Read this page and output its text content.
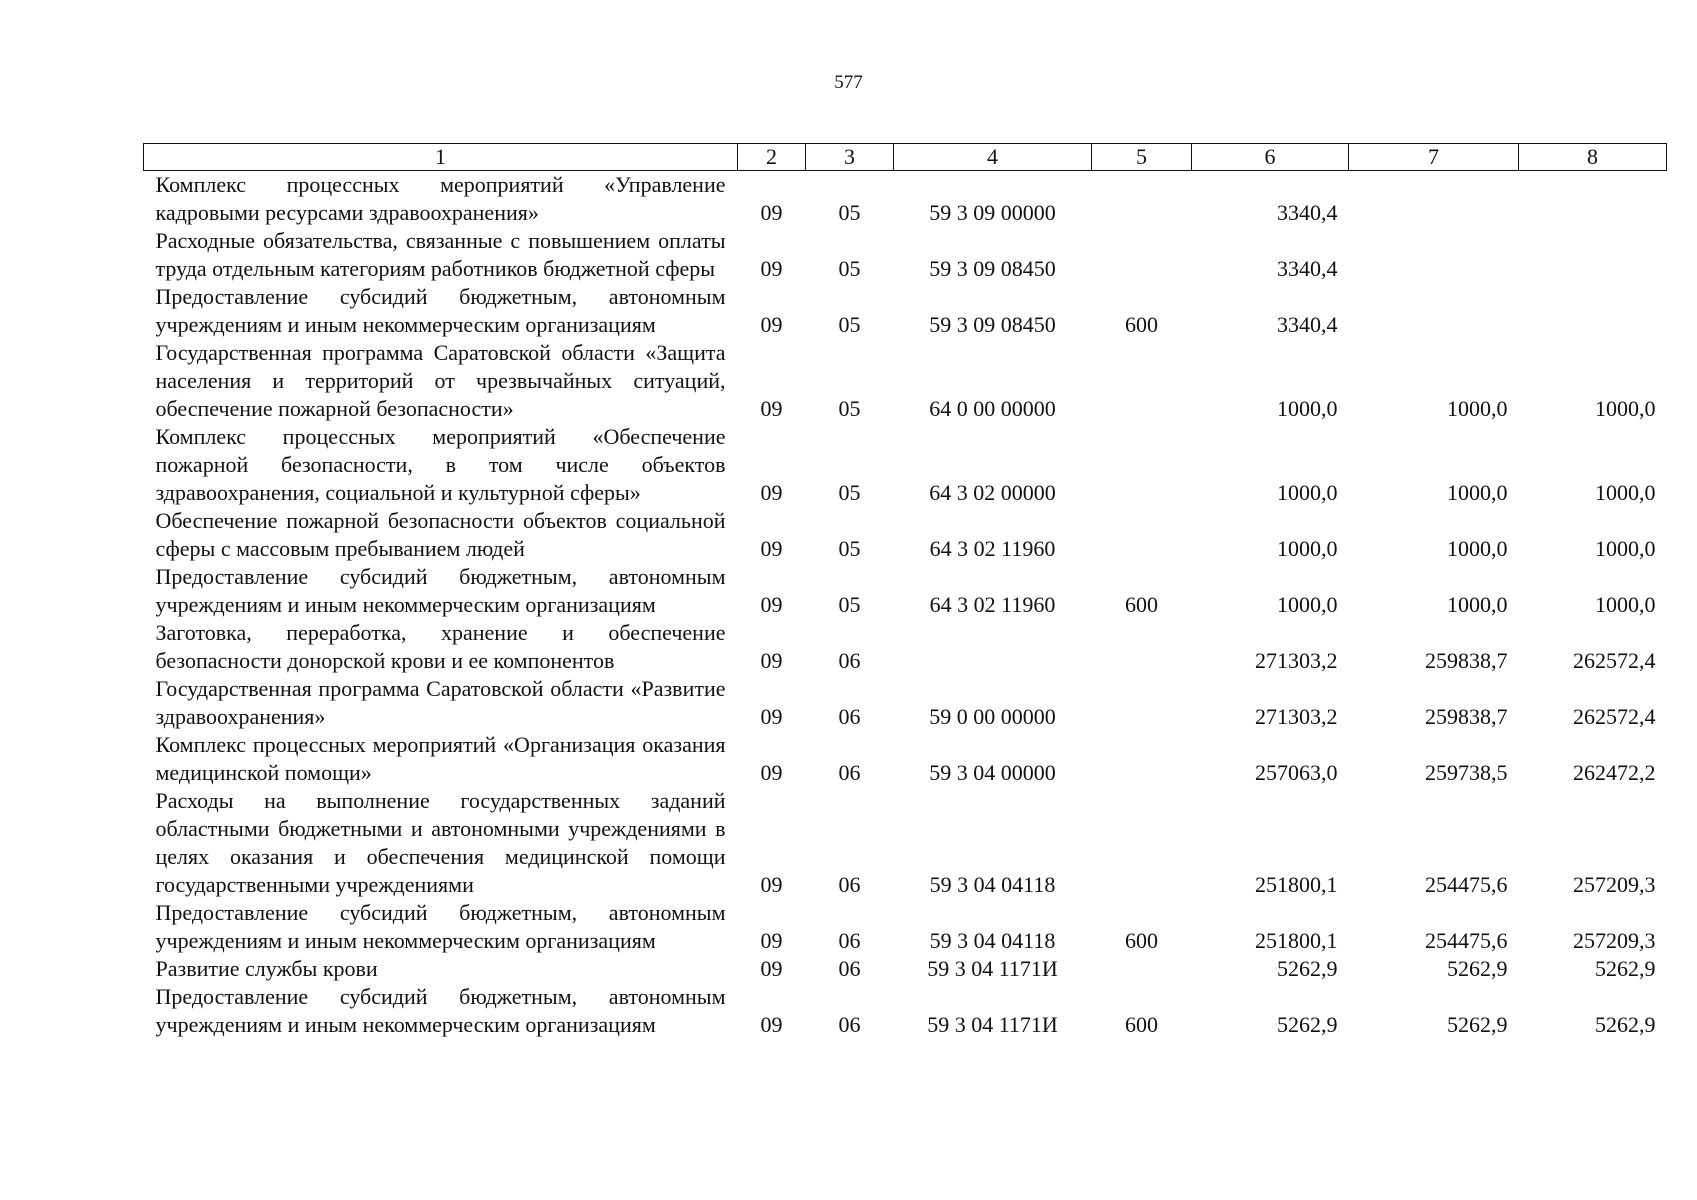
577
1	2	3	4	5	6	7	8
Комплекс процессных мероприятий «Управление кадровыми ресурсами здравоохранения»	09	05	59 3 09 00000		3340,4		
Расходные обязательства, связанные с повышением оплаты труда отдельным категориям работников бюджетной сферы	09	05	59 3 09 08450		3340,4		
Предоставление субсидий бюджетным, автономным учреждениям и иным некоммерческим организациям	09	05	59 3 09 08450	600	3340,4		
Государственная программа Саратовской области «Защита населения и территорий от чрезвычайных ситуаций, обеспечение пожарной безопасности»	09	05	64 0 00 00000		1000,0	1000,0	1000,0
Комплекс процессных мероприятий «Обеспечение пожарной безопасности, в том числе объектов здравоохранения, социальной и культурной сферы»	09	05	64 3 02 00000		1000,0	1000,0	1000,0
Обеспечение пожарной безопасности объектов социальной сферы с массовым пребыванием людей	09	05	64 3 02 11960		1000,0	1000,0	1000,0
Предоставление субсидий бюджетным, автономным учреждениям и иным некоммерческим организациям	09	05	64 3 02 11960	600	1000,0	1000,0	1000,0
Заготовка, переработка, хранение и обеспечение безопасности донорской крови и ее компонентов	09	06			271303,2	259838,7	262572,4
Государственная программа Саратовской области «Развитие здравоохранения»	09	06	59 0 00 00000		271303,2	259838,7	262572,4
Комплекс процессных мероприятий «Организация оказания медицинской помощи»	09	06	59 3 04 00000		257063,0	259738,5	262472,2
Расходы на выполнение государственных заданий областными бюджетными и автономными учреждениями в целях оказания и обеспечения медицинской помощи государственными учреждениями	09	06	59 3 04 04118		251800,1	254475,6	257209,3
Предоставление субсидий бюджетным, автономным учреждениям и иным некоммерческим организациям	09	06	59 3 04 04118	600	251800,1	254475,6	257209,3
Развитие службы крови	09	06	59 3 04 1171И		5262,9	5262,9	5262,9
Предоставление субсидий бюджетным, автономным учреждениям и иным некоммерческим организациям	09	06	59 3 04 1171И	600	5262,9	5262,9	5262,9
